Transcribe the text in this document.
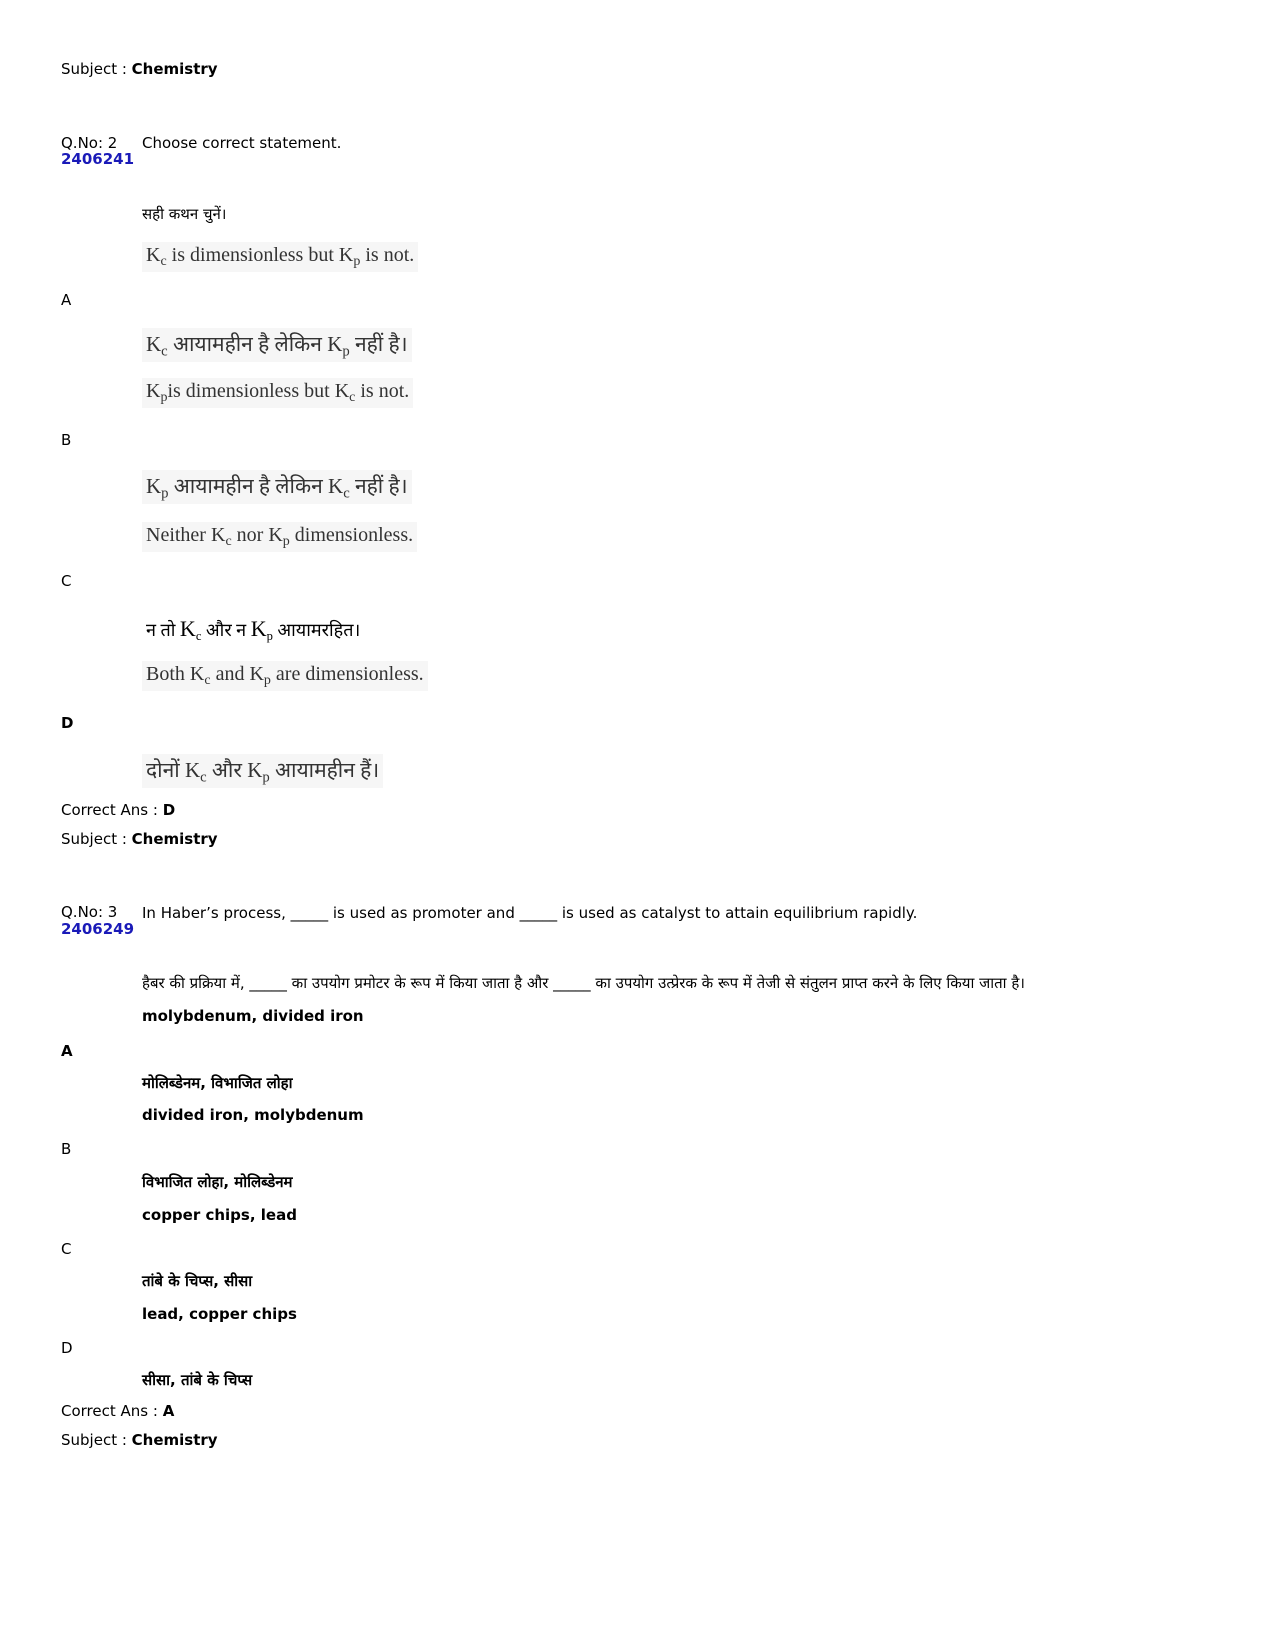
Subject : Chemistry
Q.No: 2
2406241
Choose correct statement.
सही कथन चुनें।
$K_c$ is dimensionless but $K_p$ is not.
A
$K_c$ आयामहीन है लेकिन $K_p$ नहीं है।
$K_pis$ dimensionless but $K_c$ is not.
B
$K_p$ आयामहीन है लेकिन $K_c$ नहीं है।
Neither $K_c$ nor $K_p$ dimensionless.
C
न तो $K_c$ और न $K_p$ आयामरहित।
Both $K_c$ and $K_p$ are dimensionless.
D
दोनों $K_c$ और $K_p$ आयामहीन हैं।
Correct Ans : D
Subject : Chemistry
Q.No: 3
2406249
In Haber’s process, _____ is used as promoter and _____ is used as catalyst to attain equilibrium rapidly.
हैबर की प्रक्रिया में, _____ का उपयोग प्रमोटर के रूप में किया जाता है और _____ का उपयोग उत्प्रेरक के रूप में तेजी से संतुलन प्राप्त करने के लिए किया जाता है।
molybdenum, divided iron
A
मोलिब्डेनम, विभाजित लोहा
divided iron, molybdenum
B
विभाजित लोहा, मोलिब्डेनम
copper chips, lead
C
तांबे के चिप्स, सीसा
lead, copper chips
D
सीसा, तांबे के चिप्स
Correct Ans : A
Subject : Chemistry
